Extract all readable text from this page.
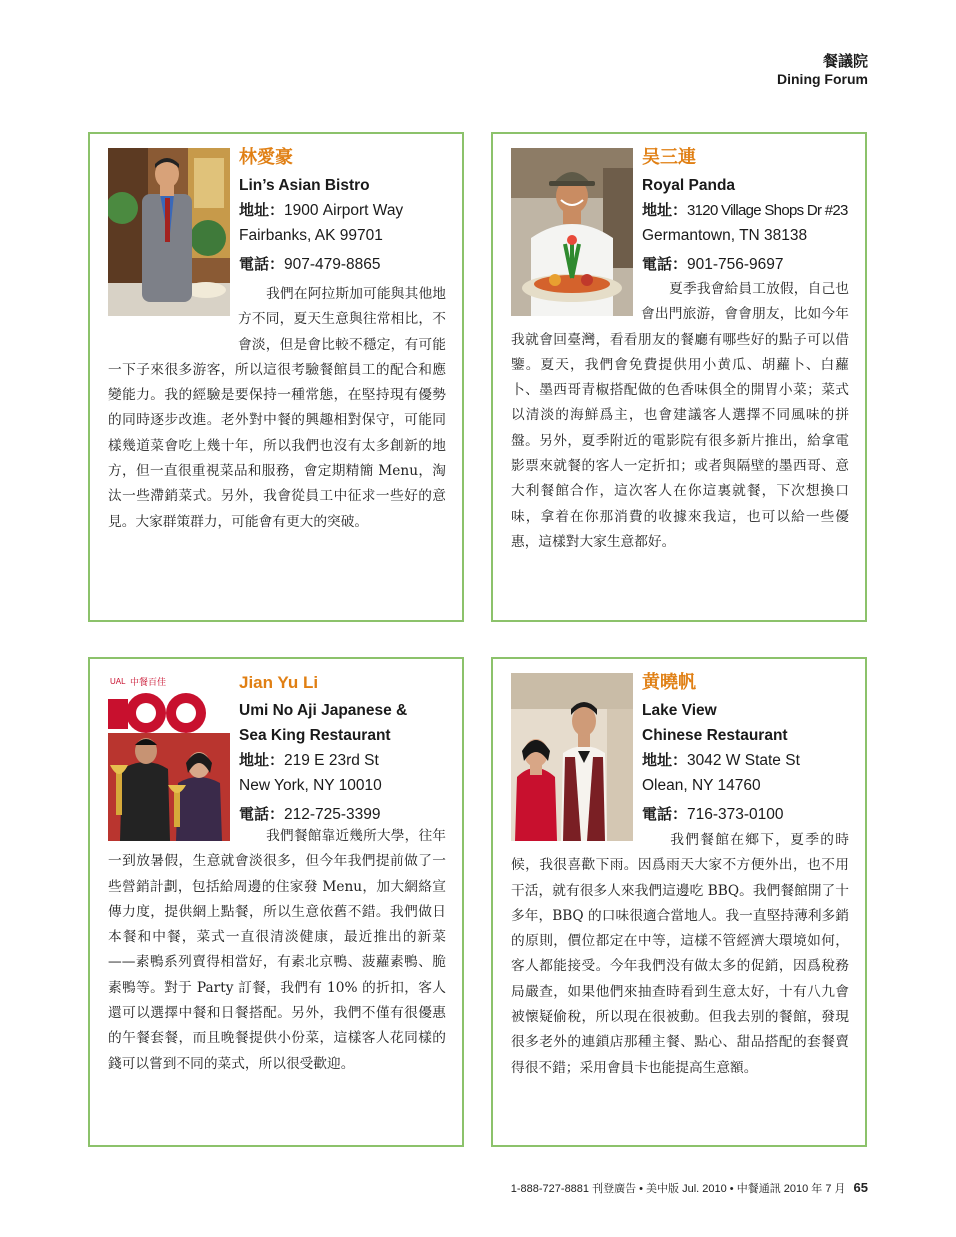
餐議院
Dining Forum
林愛豪
Lin’s Asian Bistro
地址：1900 Airport Way
Fairbanks, AK 99701
電話：907-479-8865

我們在阿拉斯加可能與其他地方不同，夏天生意與往常相比，不會淡，但是會比較不穩定，有可能一下子來很多游客，所以這很考驗餐館員工的配合和應變能力。我的經驗是要保持一種常態，在堅持現有優勢的同時逐步改進。老外對中餐的興趣相對保守，可能同樣幾道菜會吃上幾十年，所以我們也沒有太多創新的地方，但一直很重視菜品和服務，會定期精簡 Menu，淘汰一些滯銷菜式。另外，我會從員工中征求一些好的意見。大家群策群力，可能會有更大的突破。

吴三連
Royal Panda
地址：3120 Village Shops Dr #23
Germantown, TN 38138
電話：901-756-9697

夏季我會給員工放假，自己也會出門旅游，會會朋友，比如今年我就會回臺灣，看看朋友的餐廳有哪些好的點子可以借鑒。夏天，我們會免費提供用小黄瓜、胡蘿卜、白蘿卜、墨西哥青椒搭配做的色香味俱全的開胃小菜；菜式以清淡的海鮮爲主，也會建議客人選擇不同風味的拼盤。另外，夏季附近的電影院有很多新片推出，給拿電影票來就餐的客人一定折扣；或者與隔壁的墨西哥、意大利餐館合作，這次客人在你這裏就餐，下次想換口味，拿着在你那消費的收據來我這，也可以給一些優惠，這樣對大家生意都好。

UAL 中餐百佳	Jian Yu Li
Umi No Aji Japanese &
Sea King Restaurant
地址：219 E 23rd St
New York, NY 10010
電話：212-725-3399

我們餐館靠近幾所大學，往年一到放暑假，生意就會淡很多，但今年我們提前做了一些營銷計劃，包括給周邊的住家發 Menu，加大網絡宣傳力度，提供網上點餐，所以生意依舊不錯。我們做日本餐和中餐，菜式一直很清淡健康，最近推出的新菜——素鴨系列賣得相當好，有素北京鴨、菠蘿素鴨、脆素鴨等。對于 Party 訂餐，我們有 10% 的折扣，客人還可以選擇中餐和日餐搭配。另外，我們不僅有很優惠的午餐套餐，而且晚餐提供小份菜，這樣客人花同樣的錢可以嘗到不同的菜式，所以很受歡迎。

黄曉帆
Lake View
Chinese Restaurant
地址：3042 W State St
Olean, NY 14760
電話：716-373-0100

我們餐館在鄉下，夏季的時候，我很喜歡下雨。因爲雨天大家不方便外出，也不用干活，就有很多人來我們這邊吃 BBQ。我們餐館開了十多年，BBQ 的口味很適合當地人。我一直堅持薄利多銷的原則，價位都定在中等，這樣不管經濟大環境如何，客人都能接受。今年我們没有做太多的促銷，因爲稅務局嚴查，如果他們來抽查時看到生意太好，十有八九會被懷疑偷稅，所以現在很被動。但我去别的餐館，發現很多老外的連鎖店那種主餐、點心、甜品搭配的套餐賣得很不錯；采用會員卡也能提高生意額。

1-888-727-8881 刊登廣告 • 美中版 Jul. 2010 • 中餐通訊 2010 年 7 月 65
